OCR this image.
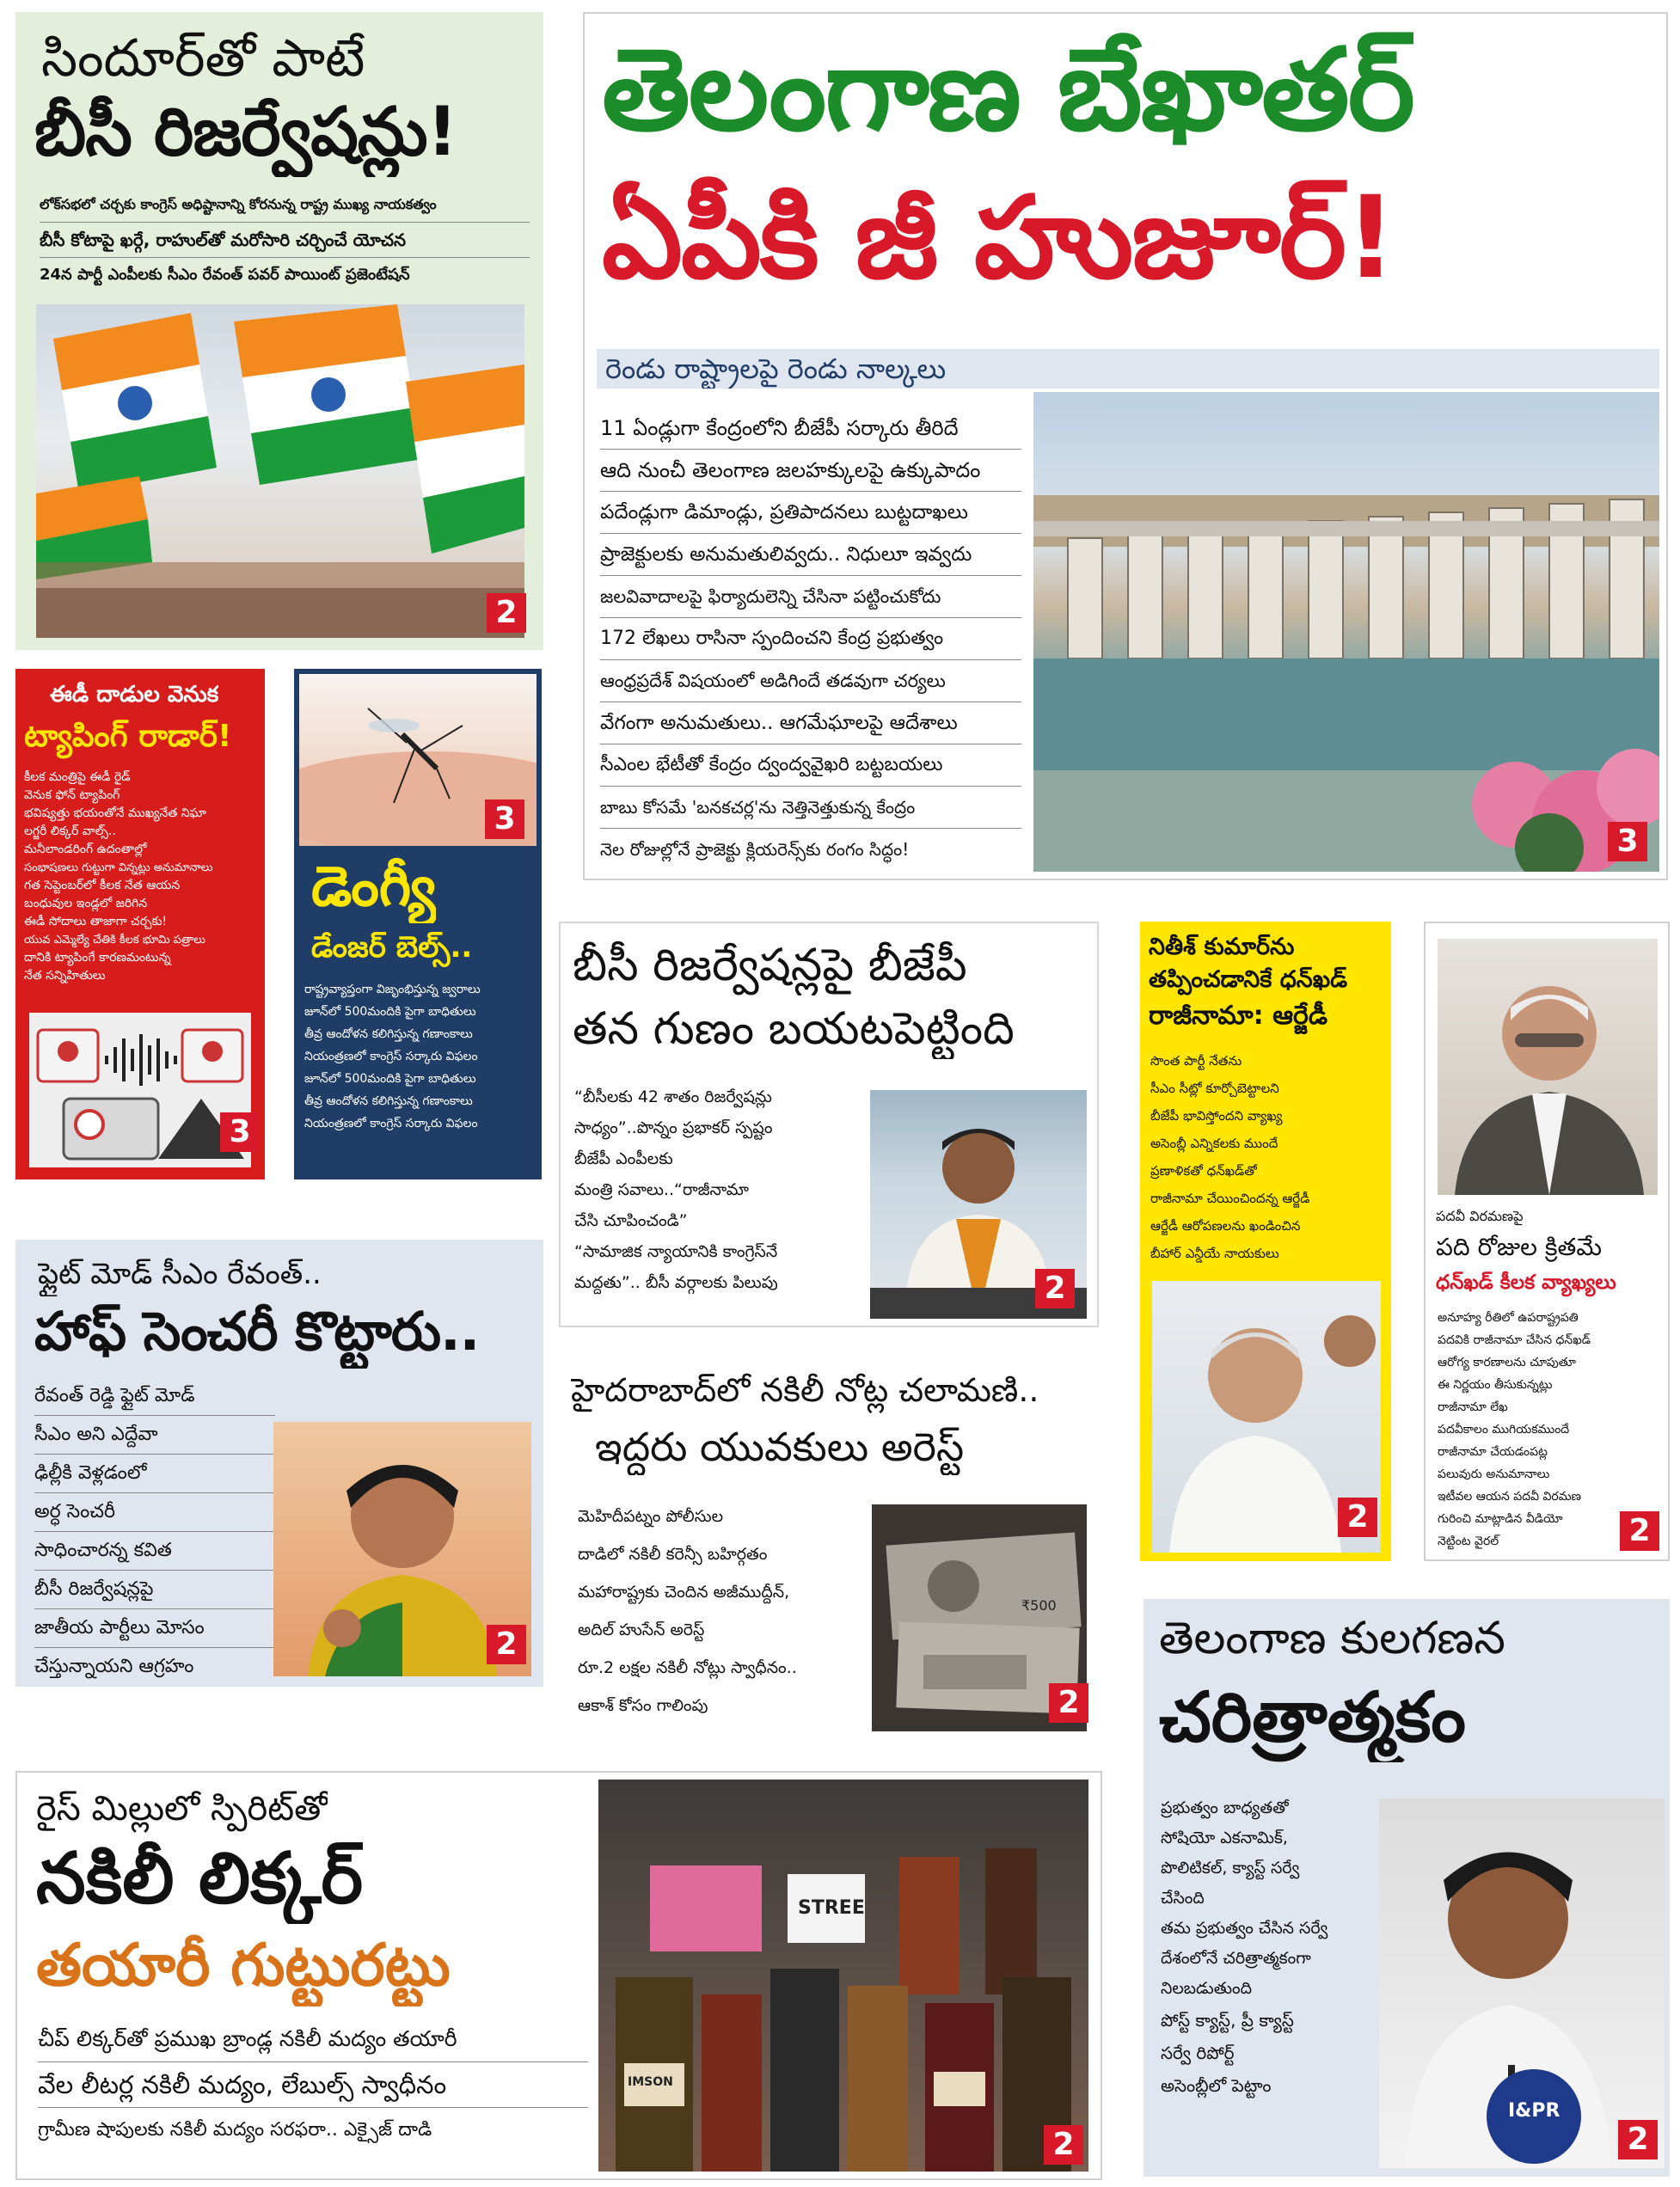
సిందూర్‌తో పాటే
బీసీ రిజర్వేషన్లు!
లోక్‌సభలో చర్చకు కాంగ్రెస్ అధిష్టానాన్ని కోరనున్న రాష్ట్ర ముఖ్య నాయకత్వం
బీసీ కోటాపై ఖర్గే, రాహుల్‌తో మరోసారి చర్చించే యోచన
24న పార్టీ ఎంపీలకు సీఎం రేవంత్ పవర్ పాయింట్ ప్రజెంటేషన్
2
తెలంగాణ బేఖాతర్
ఏపీకి జీ హుజూర్!
రెండు రాష్ట్రాలపై రెండు నాల్కలు
11 ఏండ్లుగా కేంద్రంలోని బీజేపీ సర్కారు తీరిదే
ఆది నుంచీ తెలంగాణ జలహక్కులపై ఉక్కుపాదం
పదేండ్లుగా డిమాండ్లు, ప్రతిపాదనలు బుట్టదాఖలు
ప్రాజెక్టులకు అనుమతులివ్వదు.. నిధులూ ఇవ్వదు
జలవివాదాలపై ఫిర్యాదులెన్ని చేసినా పట్టించుకోదు
172 లేఖలు రాసినా స్పందించని కేంద్ర ప్రభుత్వం
ఆంధ్రప్రదేశ్ విషయంలో అడిగిందే తడవుగా చర్యలు
వేగంగా అనుమతులు.. ఆగమేఘాలపై ఆదేశాలు
సీఎంల భేటీతో కేంద్రం ద్వంద్వవైఖరి బట్టబయలు
బాబు కోసమే 'బనకచర్ల'ను నెత్తినెత్తుకున్న కేంద్రం
నెల రోజుల్లోనే ప్రాజెక్టు క్లియరెన్స్‌కు రంగం సిద్ధం!	3
ఈడీ దాడుల వెనుక
ట్యాపింగ్ రాడార్!
కీలక మంత్రిపై ఈడీ రైడ్
వెనుక ఫోన్ ట్యాపింగ్
భవిష్యత్తు భయంతోనే ముఖ్యనేత నిఘా
లగ్జరీ లిక్కర్ వాల్స్..
మనీలాండరింగ్ ఉదంతాల్లో
సంభాషణలు గుట్టుగా విన్నట్లు అనుమానాలు
గత సెప్టెంబర్‌లో కీలక నేత ఆయన
బంధువుల ఇండ్లలో జరిగిన
ఈడీ సోదాలు తాజాగా చర్చకు!
యువ ఎమ్మెల్యే చేతికి కీలక భూమి పత్రాలు
దానికి ట్యాపింగే కారణమంటున్న
నేత సన్నిహితులు
3
3
డెంగ్యీ
డేంజర్ బెల్స్..
రాష్ట్రవ్యాప్తంగా విజృంభిస్తున్న జ్వరాలు
జూన్‌లో 500మందికి పైగా బాధితులు
తీవ్ర ఆందోళన కలిగిస్తున్న గణాంకాలు
నియంత్రణలో కాంగ్రెస్ సర్కారు విఫలం
జూన్‌లో 500మందికి పైగా బాధితులు
తీవ్ర ఆందోళన కలిగిస్తున్న గణాంకాలు
నియంత్రణలో కాంగ్రెస్ సర్కారు విఫలం
బీసీ రిజర్వేషన్లపై బీజేపీ
తన గుణం బయటపెట్టింది
“బీసీలకు 42 శాతం రిజర్వేషన్లు
సాధ్యం”..పొన్నం ప్రభాకర్ స్పష్టం
బీజేపీ ఎంపీలకు
మంత్రి సవాలు..“రాజీనామా
చేసి చూపించండి”
“సామాజిక న్యాయానికి కాంగ్రెస్‌నే
మద్దతు”.. బీసీ వర్గాలకు పిలుపు	2
నితీశ్ కుమార్‌ను
తప్పించడానికే ధన్‌ఖడ్
రాజీనామా: ఆర్జేడీ
సొంత పార్టీ నేతను
సీఎం సీట్లో కూర్చోబెట్టాలని
బీజేపీ భావిస్తోందని వ్యాఖ్య
అసెంబ్లీ ఎన్నికలకు ముందే
ప్రణాళికతో ధన్‌ఖడ్‌తో
రాజీనామా చేయించిందన్న ఆర్జేడీ
ఆర్జేడీ ఆరోపణలను ఖండించిన
బీహార్ ఎన్డీయే నాయకులు
2
పదవీ విరమణపై
పది రోజుల క్రితమే
ధన్‌ఖడ్ కీలక వ్యాఖ్యలు
అనూహ్య రీతిలో ఉపరాష్ట్రపతి
పదవికి రాజీనామా చేసిన ధన్‌ఖడ్
ఆరోగ్య కారణాలను చూపుతూ
ఈ నిర్ణయం తీసుకున్నట్లు
రాజీనామా లేఖ
పదవీకాలం ముగియకముందే
రాజీనామా చేయడంపట్ల
పలువురు అనుమానాలు
ఇటీవల ఆయన పదవీ విరమణ
గురించి మాట్లాడిన వీడియో
నెట్టింట వైరల్	2
ఫ్లైట్ మోడ్ సీఎం రేవంత్..
హాఫ్ సెంచరీ కొట్టారు..
రేవంత్ రెడ్డి ఫ్లైట్ మోడ్
సీఎం అని ఎద్దేవా
ఢిల్లీకి వెళ్లడంలో
అర్ధ సెంచరీ
సాధించారన్న కవిత
బీసీ రిజర్వేషన్లపై
జాతీయ పార్టీలు మోసం
చేస్తున్నాయని ఆగ్రహం
2
హైదరాబాద్‌లో నకిలీ నోట్ల చలామణి..
ఇద్దరు యువకులు అరెస్ట్
మెహిదీపట్నం పోలీసుల
దాడిలో నకిలీ కరెన్సీ బహిర్గతం
మహారాష్ట్రకు చెందిన అజీముద్దీన్,
అదిల్ హుసేన్ అరెస్ట్
రూ.2 లక్షల నకిలీ నోట్లు స్వాధీనం..
ఆకాశ్ కోసం గాలింపు
₹500
2
తెలంగాణ కులగణన
చరిత్రాత్మకం
ప్రభుత్వం బాధ్యతతో
సోషియో ఎకనామిక్,
పొలిటికల్, క్యాస్ట్ సర్వే
చేసింది
తమ ప్రభుత్వం చేసిన సర్వే
దేశంలోనే చరిత్రాత్మకంగా
నిలబడుతుంది
పోస్ట్ క్యాస్ట్, ప్రీ క్యాస్ట్
సర్వే రిపోర్ట్
అసెంబ్లీలో పెట్టాం
I&PR
2
రైస్ మిల్లులో స్పిరిట్‌తో
నకిలీ లిక్కర్
తయారీ గుట్టురట్టు
చీప్ లిక్కర్‌తో ప్రముఖ బ్రాండ్ల నకిలీ మద్యం తయారీ
వేల లీటర్ల నకిలీ మద్యం, లేబుల్స్ స్వాధీనం
గ్రామీణ షాపులకు నకిలీ మద్యం సరఫరా.. ఎక్సైజ్ దాడి
STREE
IMSON
2
